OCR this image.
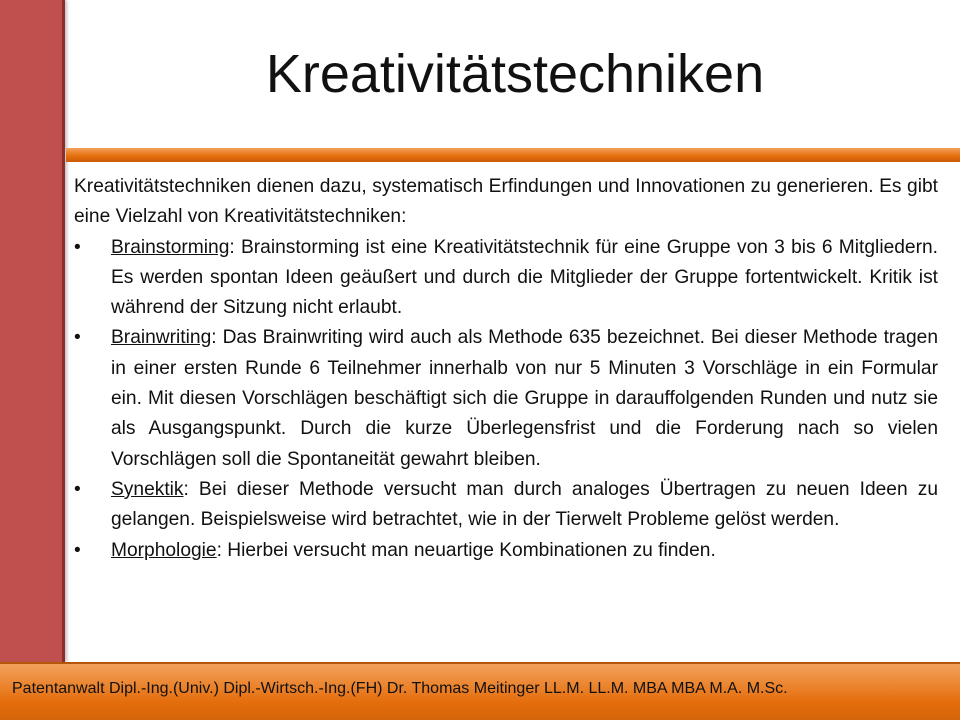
Kreativitätstechniken

Kreativitätstechniken dienen dazu, systematisch Erfindungen und Innovationen zu generieren. Es gibt eine Vielzahl von Kreativitätstechniken:

• Brainstorming: Brainstorming ist eine Kreativitätstechnik für eine Gruppe von 3 bis 6 Mitgliedern. Es werden spontan Ideen geäußert und durch die Mitglieder der Gruppe fortentwickelt. Kritik ist während der Sitzung nicht erlaubt.
• Brainwriting: Das Brainwriting wird auch als Methode 635 bezeichnet. Bei dieser Methode tragen in einer ersten Runde 6 Teilnehmer innerhalb von nur 5 Minuten 3 Vorschläge in ein Formular ein. Mit diesen Vorschlägen beschäftigt sich die Gruppe in darauffolgenden Runden und nutz sie als Ausgangspunkt. Durch die kurze Überlegensfrist und die Forderung nach so vielen Vorschlägen soll die Spontaneität gewahrt bleiben.
• Synektik: Bei dieser Methode versucht man durch analoges Übertragen zu neuen Ideen zu gelangen. Beispielsweise wird betrachtet, wie in der Tierwelt Probleme gelöst werden.
• Morphologie: Hierbei versucht man neuartige Kombinationen zu finden.
Patentanwalt Dipl.-Ing.(Univ.) Dipl.-Wirtsch.-Ing.(FH) Dr. Thomas Meitinger LL.M. LL.M. MBA MBA M.A. M.Sc.
